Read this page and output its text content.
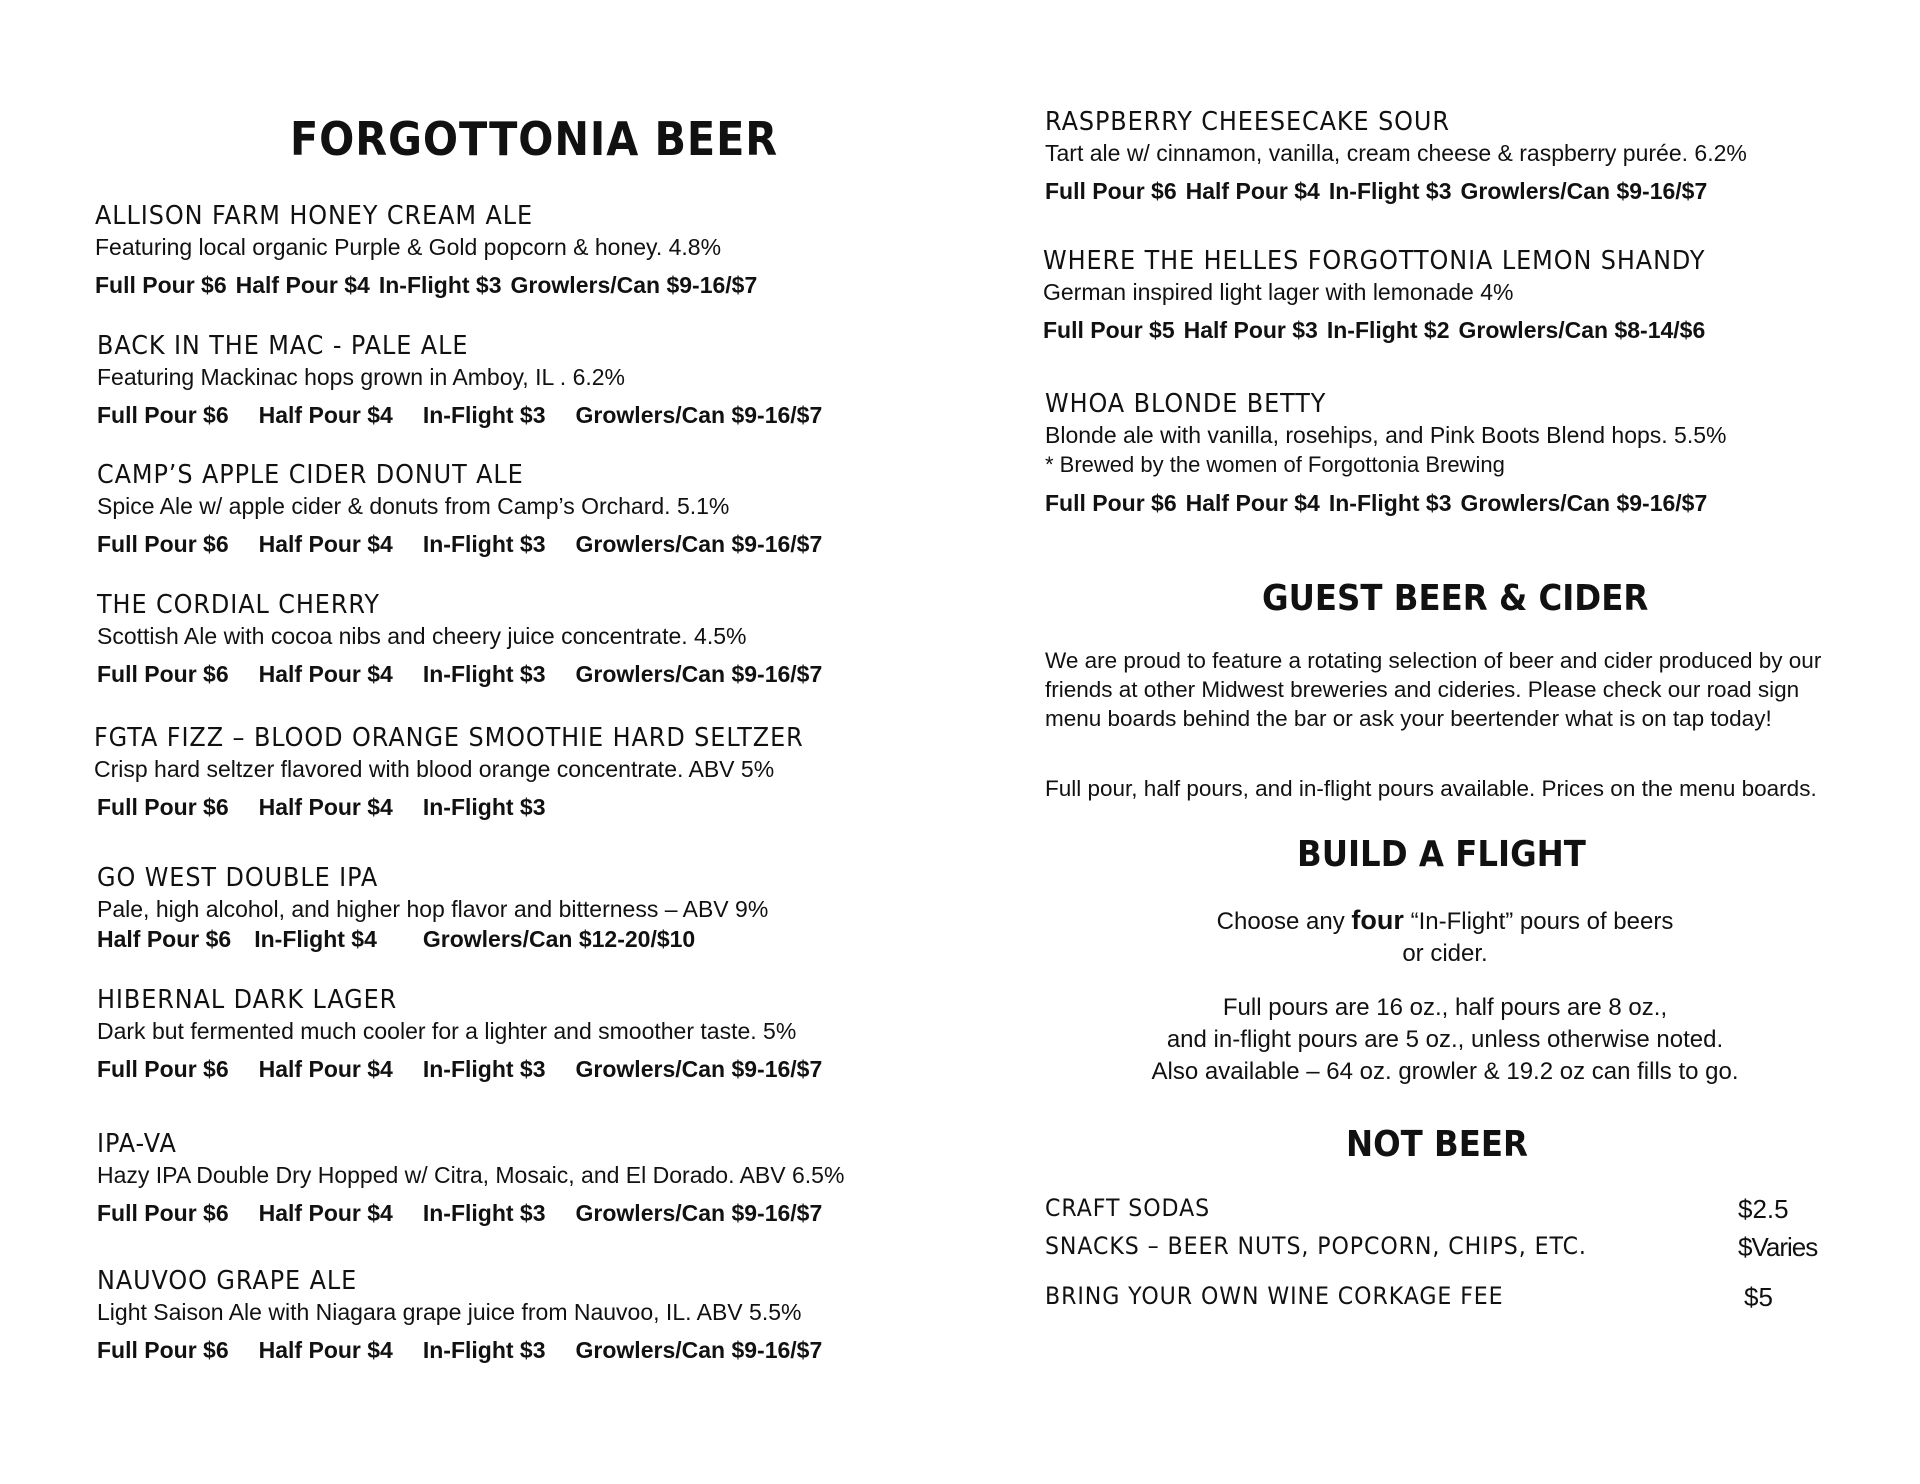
FORGOTTONIA BEER

ALLISON FARM HONEY CREAM ALE

Featuring local organic Purple & Gold popcorn & honey. 4.8%

Full Pour $6 Half Pour $4 In-Flight $3 Growlers/Can $9-16/$7

BACK IN THE MAC - PALE ALE

Featuring Mackinac hops grown in Amboy, IL . 6.2%

Full Pour $6 Half Pour $4 In-Flight $3 Growlers/Can $9-16/$7

CAMP’S APPLE CIDER DONUT ALE

Spice Ale w/ apple cider & donuts from Camp’s Orchard. 5.1%

Full Pour $6 Half Pour $4 In-Flight $3 Growlers/Can $9-16/$7

THE CORDIAL CHERRY

Scottish Ale with cocoa nibs and cheery juice concentrate. 4.5%

Full Pour $6 Half Pour $4 In-Flight $3 Growlers/Can $9-16/$7

FGTA FIZZ – BLOOD ORANGE SMOOTHIE HARD SELTZER

Crisp hard seltzer flavored with blood orange concentrate. ABV 5%

Full Pour $6 Half Pour $4 In-Flight $3

GO WEST DOUBLE IPA

Pale, high alcohol, and higher hop flavor and bitterness – ABV 9%

Half Pour $6 In-Flight $4 Growlers/Can $12-20/$10

HIBERNAL DARK LAGER

Dark but fermented much cooler for a lighter and smoother taste. 5%

Full Pour $6 Half Pour $4 In-Flight $3 Growlers/Can $9-16/$7

IPA-VA

Hazy IPA Double Dry Hopped w/ Citra, Mosaic, and El Dorado. ABV 6.5%

Full Pour $6 Half Pour $4 In-Flight $3 Growlers/Can $9-16/$7

NAUVOO GRAPE ALE

Light Saison Ale with Niagara grape juice from Nauvoo, IL. ABV 5.5%

Full Pour $6 Half Pour $4 In-Flight $3 Growlers/Can $9-16/$7

RASPBERRY CHEESECAKE SOUR

Tart ale w/ cinnamon, vanilla, cream cheese & raspberry purée. 6.2%

Full Pour $6 Half Pour $4 In-Flight $3 Growlers/Can $9-16/$7

WHERE THE HELLES FORGOTTONIA LEMON SHANDY

German inspired light lager with lemonade 4%

Full Pour $5 Half Pour $3 In-Flight $2 Growlers/Can $8-14/$6

WHOA BLONDE BETTY

Blonde ale with vanilla, rosehips, and Pink Boots Blend hops. 5.5%

* Brewed by the women of Forgottonia Brewing

Full Pour $6 Half Pour $4 In-Flight $3 Growlers/Can $9-16/$7
GUEST BEER & CIDER

We are proud to feature a rotating selection of beer and cider produced by our friends at other Midwest breweries and cideries. Please check our road sign menu boards behind the bar or ask your beertender what is on tap today!

Full pour, half pours, and in-flight pours available. Prices on the menu boards.

BUILD A FLIGHT
Choose any four “In-Flight” pours of beers
or cider.
Full pours are 16 oz., half pours are 8 oz.,
and in-flight pours are 5 oz., unless otherwise noted.
Also available – 64 oz. growler & 19.2 oz can fills to go.
NOT BEER
CRAFT SODAS	$2.5
SNACKS – BEER NUTS, POPCORN, CHIPS, ETC.	$Varies
BRING YOUR OWN WINE CORKAGE FEE	$5
